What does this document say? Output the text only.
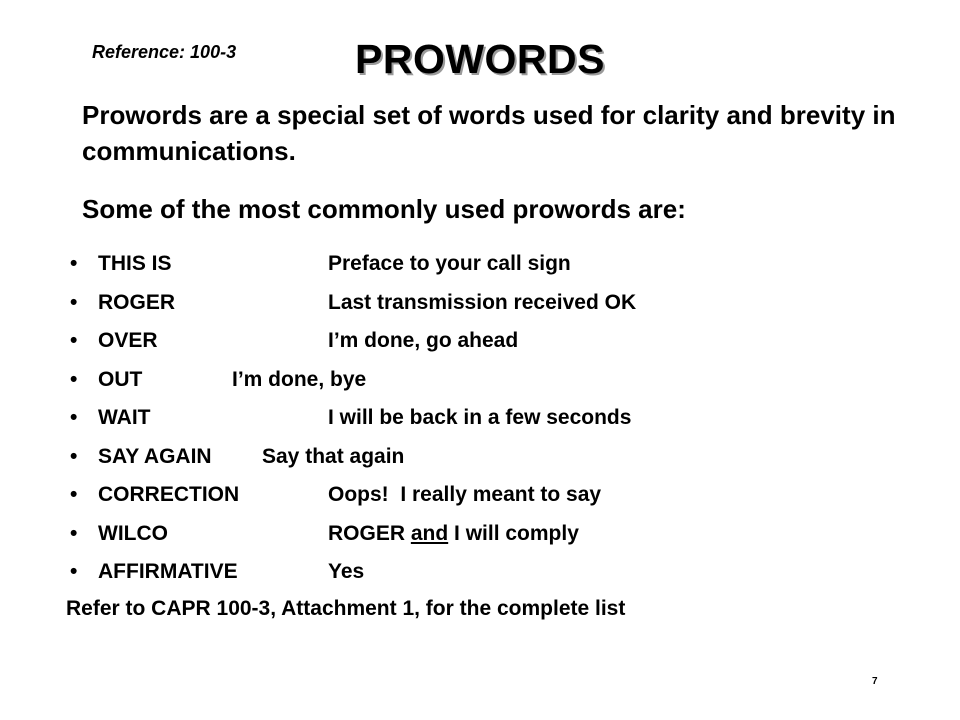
Reference: 100-3	PROWORDS

Prowords are a special set of words used for clarity and brevity in communications.

Some of the most commonly used prowords are:

• THIS IS	Preface to your call sign
• ROGER	Last transmission received OK
• OVER	I’m done, go ahead
• OUT	I’m done, bye
• WAIT	I will be back in a few seconds
• SAY AGAIN Say that again
• CORRECTION	Oops!  I really meant to say
• WILCO	ROGER and I will comply
• AFFIRMATIVE	Yes
Refer to CAPR 100-3, Attachment 1, for the complete list
7
